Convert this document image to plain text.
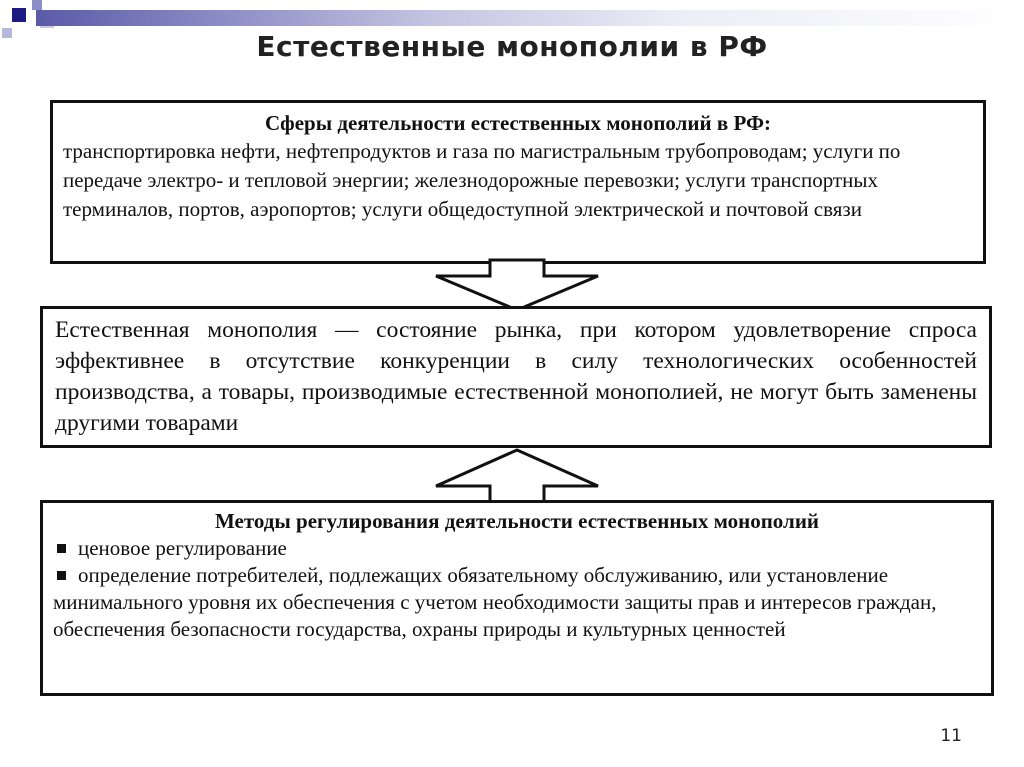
Естественные монополии в РФ
Сферы деятельности естественных монополий в РФ:
транспортировка нефти, нефтепродуктов и газа по магистральным трубопроводам; услуги по передаче электро- и тепловой энергии; железнодорожные перевозки; услуги транспортных терминалов, портов, аэропортов; услуги общедоступной электрической и почтовой связи
Естественная монополия — состояние рынка, при котором удовлетворение спроса эффективнее в отсутствие конкуренции в силу технологических особенностей производства, а товары, производимые естественной монополией, не могут быть заменены другими товарами
Методы регулирования деятельности естественных монополий
ценовое регулирование
определение потребителей, подлежащих обязательному обслуживанию, или установление минимального уровня их обеспечения с учетом необходимости защиты прав и интересов граждан, обеспечения безопасности государства, охраны природы и культурных ценностей
11
